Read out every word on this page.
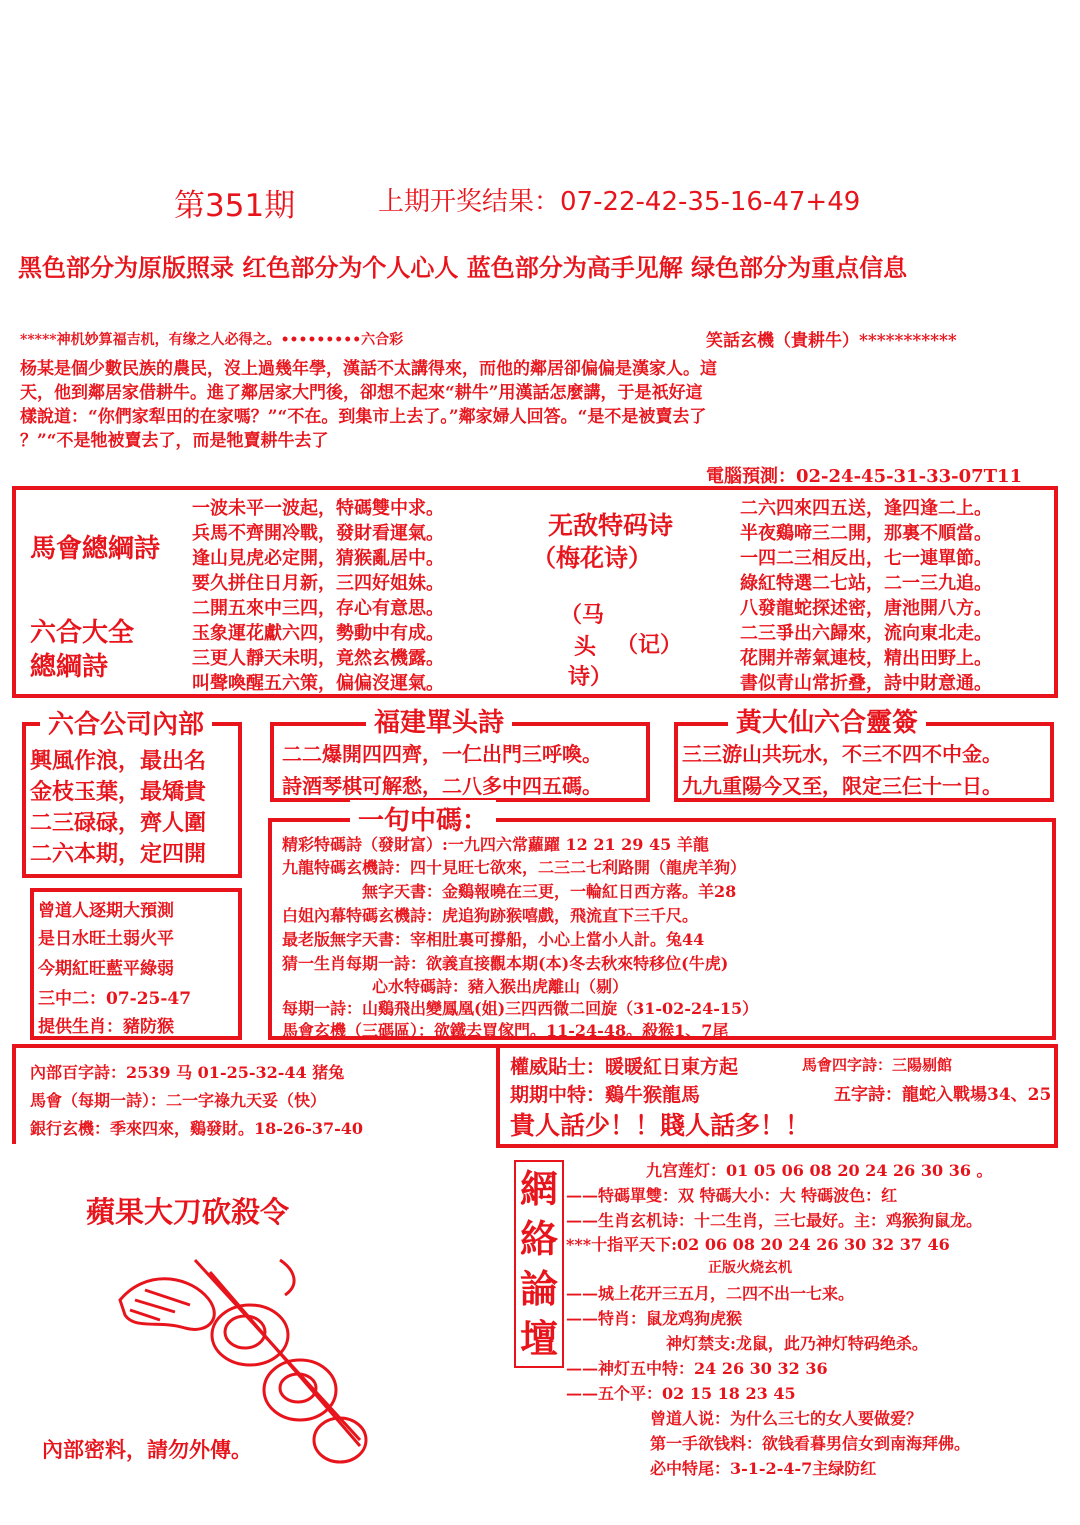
第351期	上期开奖结果：07-22-42-35-16-47+49
黑色部分为原版照录 红色部分为个人心人 蓝色部分为高手见解 绿色部分为重点信息
*****神机妙算福吉机，有缘之人必得之。•••••••••六合彩	笑話玄機（貴耕牛）***********
杨某是個少數民族的農民，沒上過幾年學，漢話不太講得來，而他的鄰居卻偏偏是漢家人。這
天，他到鄰居家借耕牛。進了鄰居家大門後，卻想不起來“耕牛”用漢話怎麼講，于是祇好這
樣說道：“你們家犁田的在家嗎？”“不在。到集市上去了。”鄰家婦人回答。“是不是被賣去了
？”“不是牠被賣去了，而是牠賣耕牛去了
電腦預測：02-24-45-31-33-07T11
馬會總綱詩
六合大全
總綱詩
一波未平一波起，特碼雙中求。
兵馬不齊開冷戰，發財看運氣。
逢山見虎必定開，猜猴亂居中。
要久拼住日月新，三四好姐妹。
二開五來中三四，存心有意思。
玉象運花獻六四，勢動中有成。
三更人靜天未明，竟然玄機露。
叫聲喚醒五六策，偏偏沒運氣。
无敌特码诗
（梅花诗）
（马
头
诗）
（记）
二六四來四五送，逢四逢二上。
半夜鷄啼三二開，那裏不順當。
一四二三相反出，七一連單節。
綠紅特選二七站，二一三九追。
八發龍蛇探述密，唐池開八方。
二三爭出六歸來，流向東北走。
花開并蒂氣連枝，精出田野上。
書似青山常折叠，詩中財意通。
六合公司內部
興風作浪，最出名
金枝玉葉，最矯貴
二三碌碌，齊人圍
二六本期，定四開
福建單头詩
二二爆開四四齊，一仁出門三呼喚。
詩酒琴棋可解愁，二八多中四五碼。
黃大仙六合靈簽
三三游山共玩水，不三不四不中金。
九九重陽今又至，限定三仨十一日。
一句中碼：
精彩特碼詩（發財富）:一九四六常蘿躍 12 21 29 45 羊龍
九龍特碼玄機詩：四十見旺七欲來，二三二七利路開（龍虎羊狗）
無字天書：金鷄報曉在三更，一輪紅日西方落。羊28
白姐內幕特碼玄機詩：虎追狗跡猴嘻戲，飛流直下三千尺。
最老版無字天書：宰相肚裏可撐船，小心上當小人計。兔44
猜一生肖每期一詩：欲義直接觀本期(本)冬去秋來特移位(牛虎)
心水特碼詩：豬入猴出虎離山（剔）
每期一詩：山鷄飛出變鳳凰(姐)三四西微二回旋（31-02-24-15）
馬會玄機（三碼區）：欲鐵去買傢門。11-24-48。殺猴1、7尾
曾道人逐期大預測
是日水旺土弱火平
今期紅旺藍平綠弱
三中二：07-25-47
提供生肖：豬防猴
內部百字詩：2539 马 01-25-32-44 猪兔
馬會（每期一詩）：二一字祿九天妥（快）
銀行玄機：季來四來，鷄發財。18-26-37-40
權威貼士：暖暖紅日東方起	馬會四字詩：三陽剔館
期期中特：鷄牛猴龍馬	五字詩：龍蛇入戰場34、25
貴人話少！！賤人話多！！
蘋果大刀砍殺令
內部密料，請勿外傳。
網
絡
論
壇
九宫莲灯：01 05 06 08 20 24 26 30 36 。
——特碼單雙：双 特碼大小：大 特碼波色：红
——生肖玄机诗：十二生肖，三七最好。主：鸡猴狗鼠龙。
***十指平天下:02 06 08 20 24 26 30 32 37 46
正版火烧玄机
——城上花开三五月，二四不出一七来。
——特肖：鼠龙鸡狗虎猴
神灯禁支:龙鼠，此乃神灯特码绝杀。
——神灯五中特：24 26 30 32 36
——五个平：02 15 18 23 45
曾道人说：为什么三七的女人要做爱？
第一手欲钱料：欲钱看暮男信女到南海拜佛。
必中特尾：3-1-2-4-7主绿防红
